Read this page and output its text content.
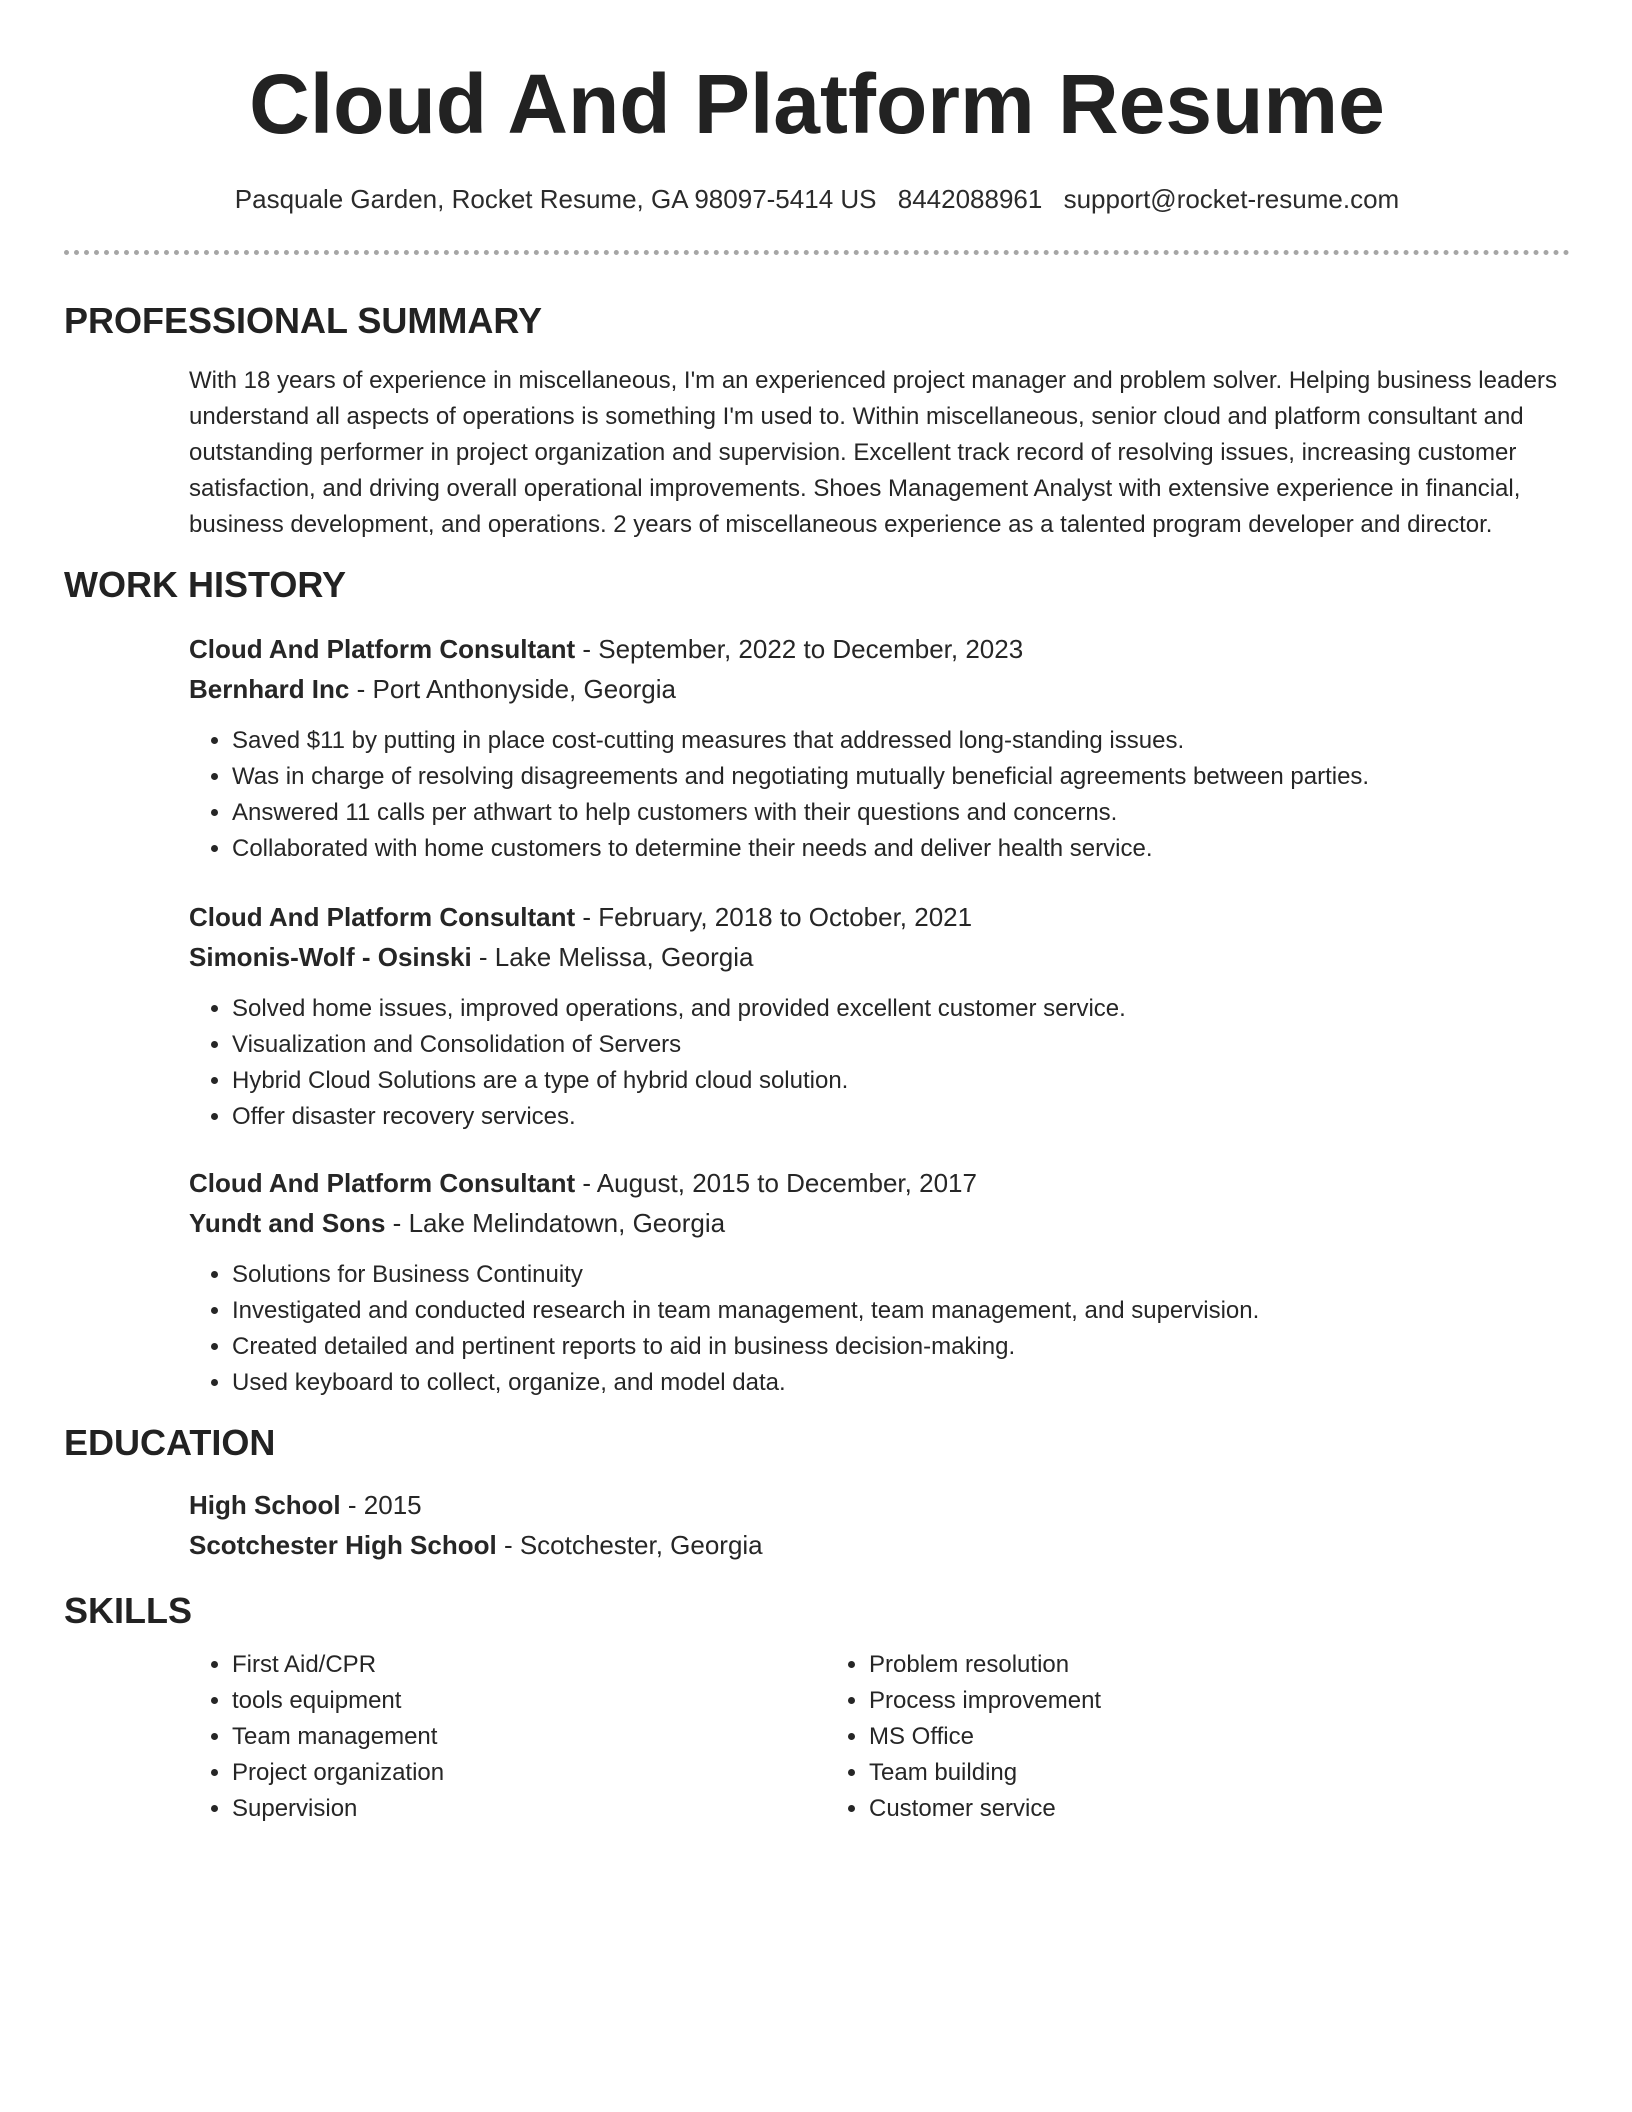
Cloud And Platform Resume
Pasquale Garden, Rocket Resume, GA 98097-5414 US 8442088961 support@rocket-resume.com
PROFESSIONAL SUMMARY
With 18 years of experience in miscellaneous, I'm an experienced project manager and problem solver. Helping business leaders understand all aspects of operations is something I'm used to. Within miscellaneous, senior cloud and platform consultant and outstanding performer in project organization and supervision. Excellent track record of resolving issues, increasing customer satisfaction, and driving overall operational improvements. Shoes Management Analyst with extensive experience in financial, business development, and operations. 2 years of miscellaneous experience as a talented program developer and director.
WORK HISTORY
Cloud And Platform Consultant - September, 2022 to December, 2023
Bernhard Inc - Port Anthonyside, Georgia
• Saved $11 by putting in place cost-cutting measures that addressed long-standing issues.
• Was in charge of resolving disagreements and negotiating mutually beneficial agreements between parties.
• Answered 11 calls per athwart to help customers with their questions and concerns.
• Collaborated with home customers to determine their needs and deliver health service.
Cloud And Platform Consultant - February, 2018 to October, 2021
Simonis-Wolf - Osinski - Lake Melissa, Georgia
• Solved home issues, improved operations, and provided excellent customer service.
• Visualization and Consolidation of Servers
• Hybrid Cloud Solutions are a type of hybrid cloud solution.
• Offer disaster recovery services.
Cloud And Platform Consultant - August, 2015 to December, 2017
Yundt and Sons - Lake Melindatown, Georgia
• Solutions for Business Continuity
• Investigated and conducted research in team management, team management, and supervision.
• Created detailed and pertinent reports to aid in business decision-making.
• Used keyboard to collect, organize, and model data.
EDUCATION
High School - 2015
Scotchester High School - Scotchester, Georgia
SKILLS
• First Aid/CPR
• tools equipment
• Team management
• Project organization
• Supervision
• Problem resolution
• Process improvement
• MS Office
• Team building
• Customer service
